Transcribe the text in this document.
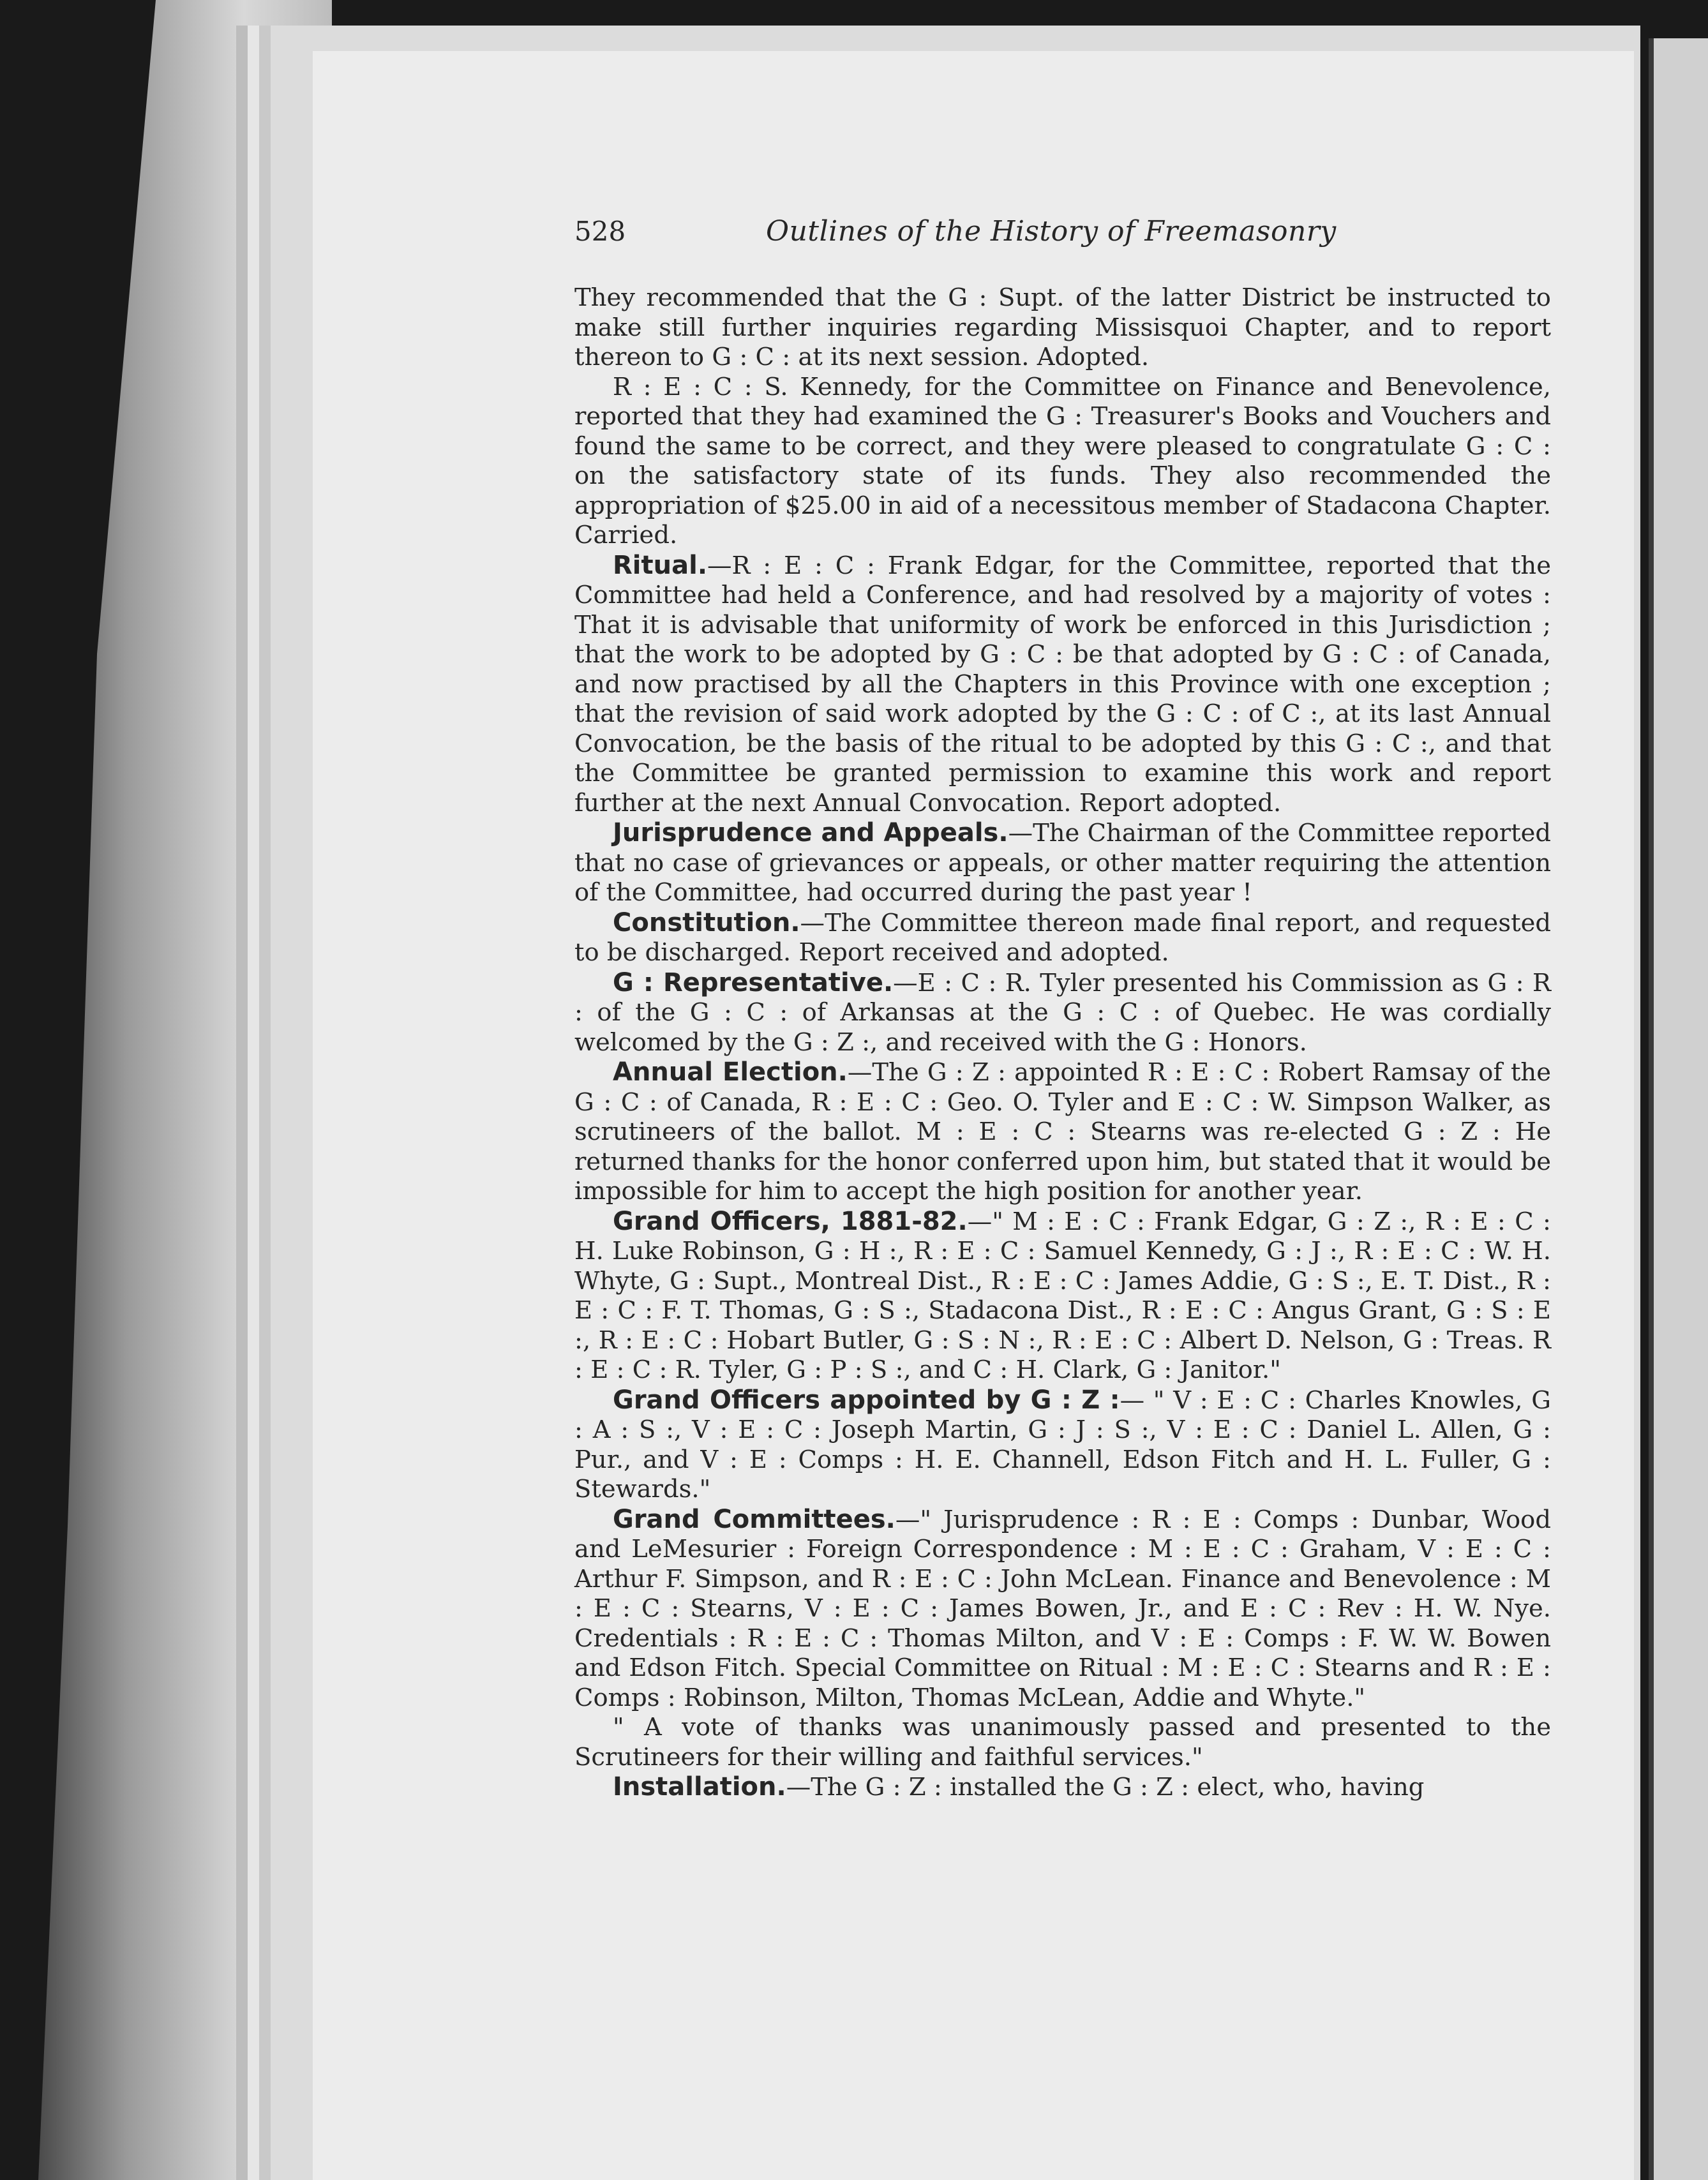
528	Outlines of the History of Freemasonry

They recommended that the G : Supt. of the latter District be instructed to make still further inquiries regarding Missisquoi Chapter, and to report thereon to G : C : at its next session. Adopted.

R : E : C : S. Kennedy, for the Committee on Finance and Benevolence, reported that they had examined the G : Treasurer's Books and Vouchers and found the same to be correct, and they were pleased to congratulate G : C : on the satisfactory state of its funds. They also recommended the appropriation of $25.00 in aid of a necessitous member of Stadacona Chapter. Carried.

Ritual.—R : E : C : Frank Edgar, for the Committee, reported that the Committee had held a Conference, and had resolved by a majority of votes : That it is advisable that uniformity of work be enforced in this Jurisdiction ; that the work to be adopted by G : C : be that adopted by G : C : of Canada, and now practised by all the Chapters in this Province with one exception ; that the revision of said work adopted by the G : C : of C :, at its last Annual Convocation, be the basis of the ritual to be adopted by this G : C :, and that the Committee be granted permission to examine this work and report further at the next Annual Convocation. Report adopted.

Jurisprudence and Appeals.—The Chairman of the Committee reported that no case of grievances or appeals, or other matter requiring the attention of the Committee, had occurred during the past year !

Constitution.—The Committee thereon made final report, and requested to be discharged. Report received and adopted.

G : Representative.—E : C : R. Tyler presented his Commission as G : R : of the G : C : of Arkansas at the G : C : of Quebec. He was cordially welcomed by the G : Z :, and received with the G : Honors.

Annual Election.—The G : Z : appointed R : E : C : Robert Ramsay of the G : C : of Canada, R : E : C : Geo. O. Tyler and E : C : W. Simpson Walker, as scrutineers of the ballot. M : E : C : Stearns was re-elected G : Z : He returned thanks for the honor conferred upon him, but stated that it would be impossible for him to accept the high position for another year.

Grand Officers, 1881-82.—" M : E : C : Frank Edgar, G : Z :, R : E : C : H. Luke Robinson, G : H :, R : E : C : Samuel Kennedy, G : J :, R : E : C : W. H. Whyte, G : Supt., Montreal Dist., R : E : C : James Addie, G : S :, E. T. Dist., R : E : C : F. T. Thomas, G : S :, Stadacona Dist., R : E : C : Angus Grant, G : S : E :, R : E : C : Hobart Butler, G : S : N :, R : E : C : Albert D. Nelson, G : Treas. R : E : C : R. Tyler, G : P : S :, and C : H. Clark, G : Janitor."

Grand Officers appointed by G : Z :— " V : E : C : Charles Knowles, G : A : S :, V : E : C : Joseph Martin, G : J : S :, V : E : C : Daniel L. Allen, G : Pur., and V : E : Comps : H. E. Channell, Edson Fitch and H. L. Fuller, G : Stewards."

Grand Committees.—" Jurisprudence : R : E : Comps : Dunbar, Wood and LeMesurier : Foreign Correspondence : M : E : C : Graham, V : E : C : Arthur F. Simpson, and R : E : C : John McLean. Finance and Benevolence : M : E : C : Stearns, V : E : C : James Bowen, Jr., and E : C : Rev : H. W. Nye. Credentials : R : E : C : Thomas Milton, and V : E : Comps : F. W. W. Bowen and Edson Fitch. Special Committee on Ritual : M : E : C : Stearns and R : E : Comps : Robinson, Milton, Thomas McLean, Addie and Whyte."

" A vote of thanks was unanimously passed and presented to the Scrutineers for their willing and faithful services."

Installation.—The G : Z : installed the G : Z : elect, who, having
